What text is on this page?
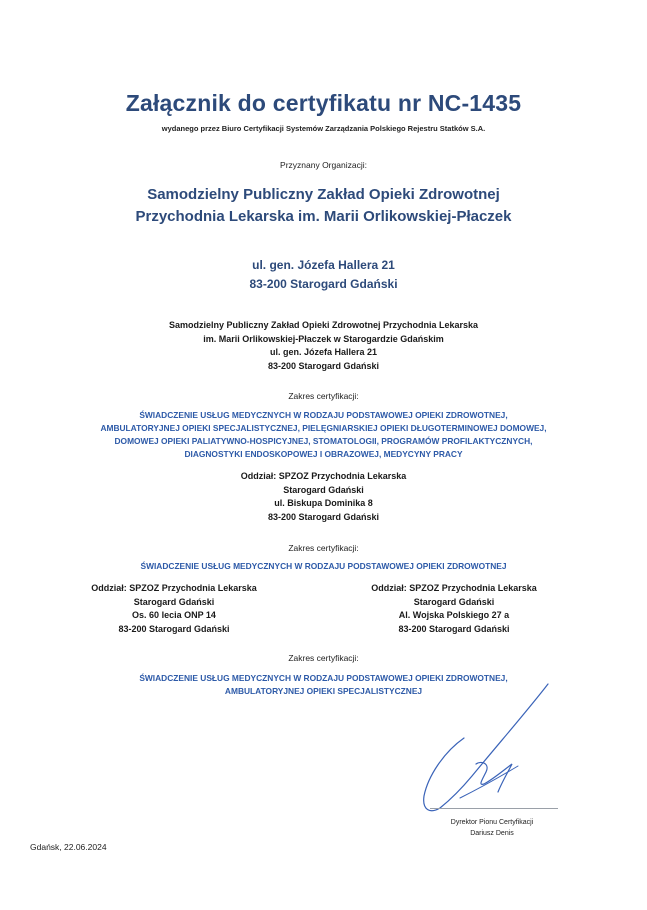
Załącznik do certyfikatu nr NC-1435
wydanego przez Biuro Certyfikacji Systemów Zarządzania Polskiego Rejestru Statków S.A.
Przyznany Organizacji:
Samodzielny Publiczny Zakład Opieki Zdrowotnej
Przychodnia Lekarska im. Marii Orlikowskiej-Płaczek
ul. gen. Józefa Hallera 21
83-200 Starogard Gdański
Samodzielny Publiczny Zakład Opieki Zdrowotnej Przychodnia Lekarska
im. Marii Orlikowskiej-Płaczek w Starogardzie Gdańskim
ul. gen. Józefa Hallera 21
83-200 Starogard Gdański
Zakres certyfikacji:
ŚWIADCZENIE USŁUG MEDYCZNYCH W RODZAJU PODSTAWOWEJ OPIEKI ZDROWOTNEJ,
AMBULATORYJNEJ OPIEKI SPECJALISTYCZNEJ, PIELĘGNIARSKIEJ OPIEKI DŁUGOTERMINOWEJ DOMOWEJ,
DOMOWEJ OPIEKI PALIATYWNO-HOSPICYJNEJ, STOMATOLOGII, PROGRAMÓW PROFILAKTYCZNYCH,
DIAGNOSTYKI ENDOSKOPOWEJ I OBRAZOWEJ, MEDYCYNY PRACY
Oddział: SPZOZ Przychodnia Lekarska
Starogard Gdański
ul. Biskupa Dominika 8
83-200 Starogard Gdański
Zakres certyfikacji:
ŚWIADCZENIE USŁUG MEDYCZNYCH W RODZAJU PODSTAWOWEJ OPIEKI ZDROWOTNEJ
Oddział: SPZOZ Przychodnia Lekarska
Starogard Gdański
Os. 60 lecia ONP 14
83-200 Starogard Gdański
Oddział: SPZOZ Przychodnia Lekarska
Starogard Gdański
Al. Wojska Polskiego 27 a
83-200 Starogard Gdański
Zakres certyfikacji:
ŚWIADCZENIE USŁUG MEDYCZNYCH W RODZAJU PODSTAWOWEJ OPIEKI ZDROWOTNEJ,
AMBULATORYJNEJ OPIEKI SPECJALISTYCZNEJ
Gdańsk, 22.06.2024
Dyrektor Pionu Certyfikacji
Dariusz Denis
